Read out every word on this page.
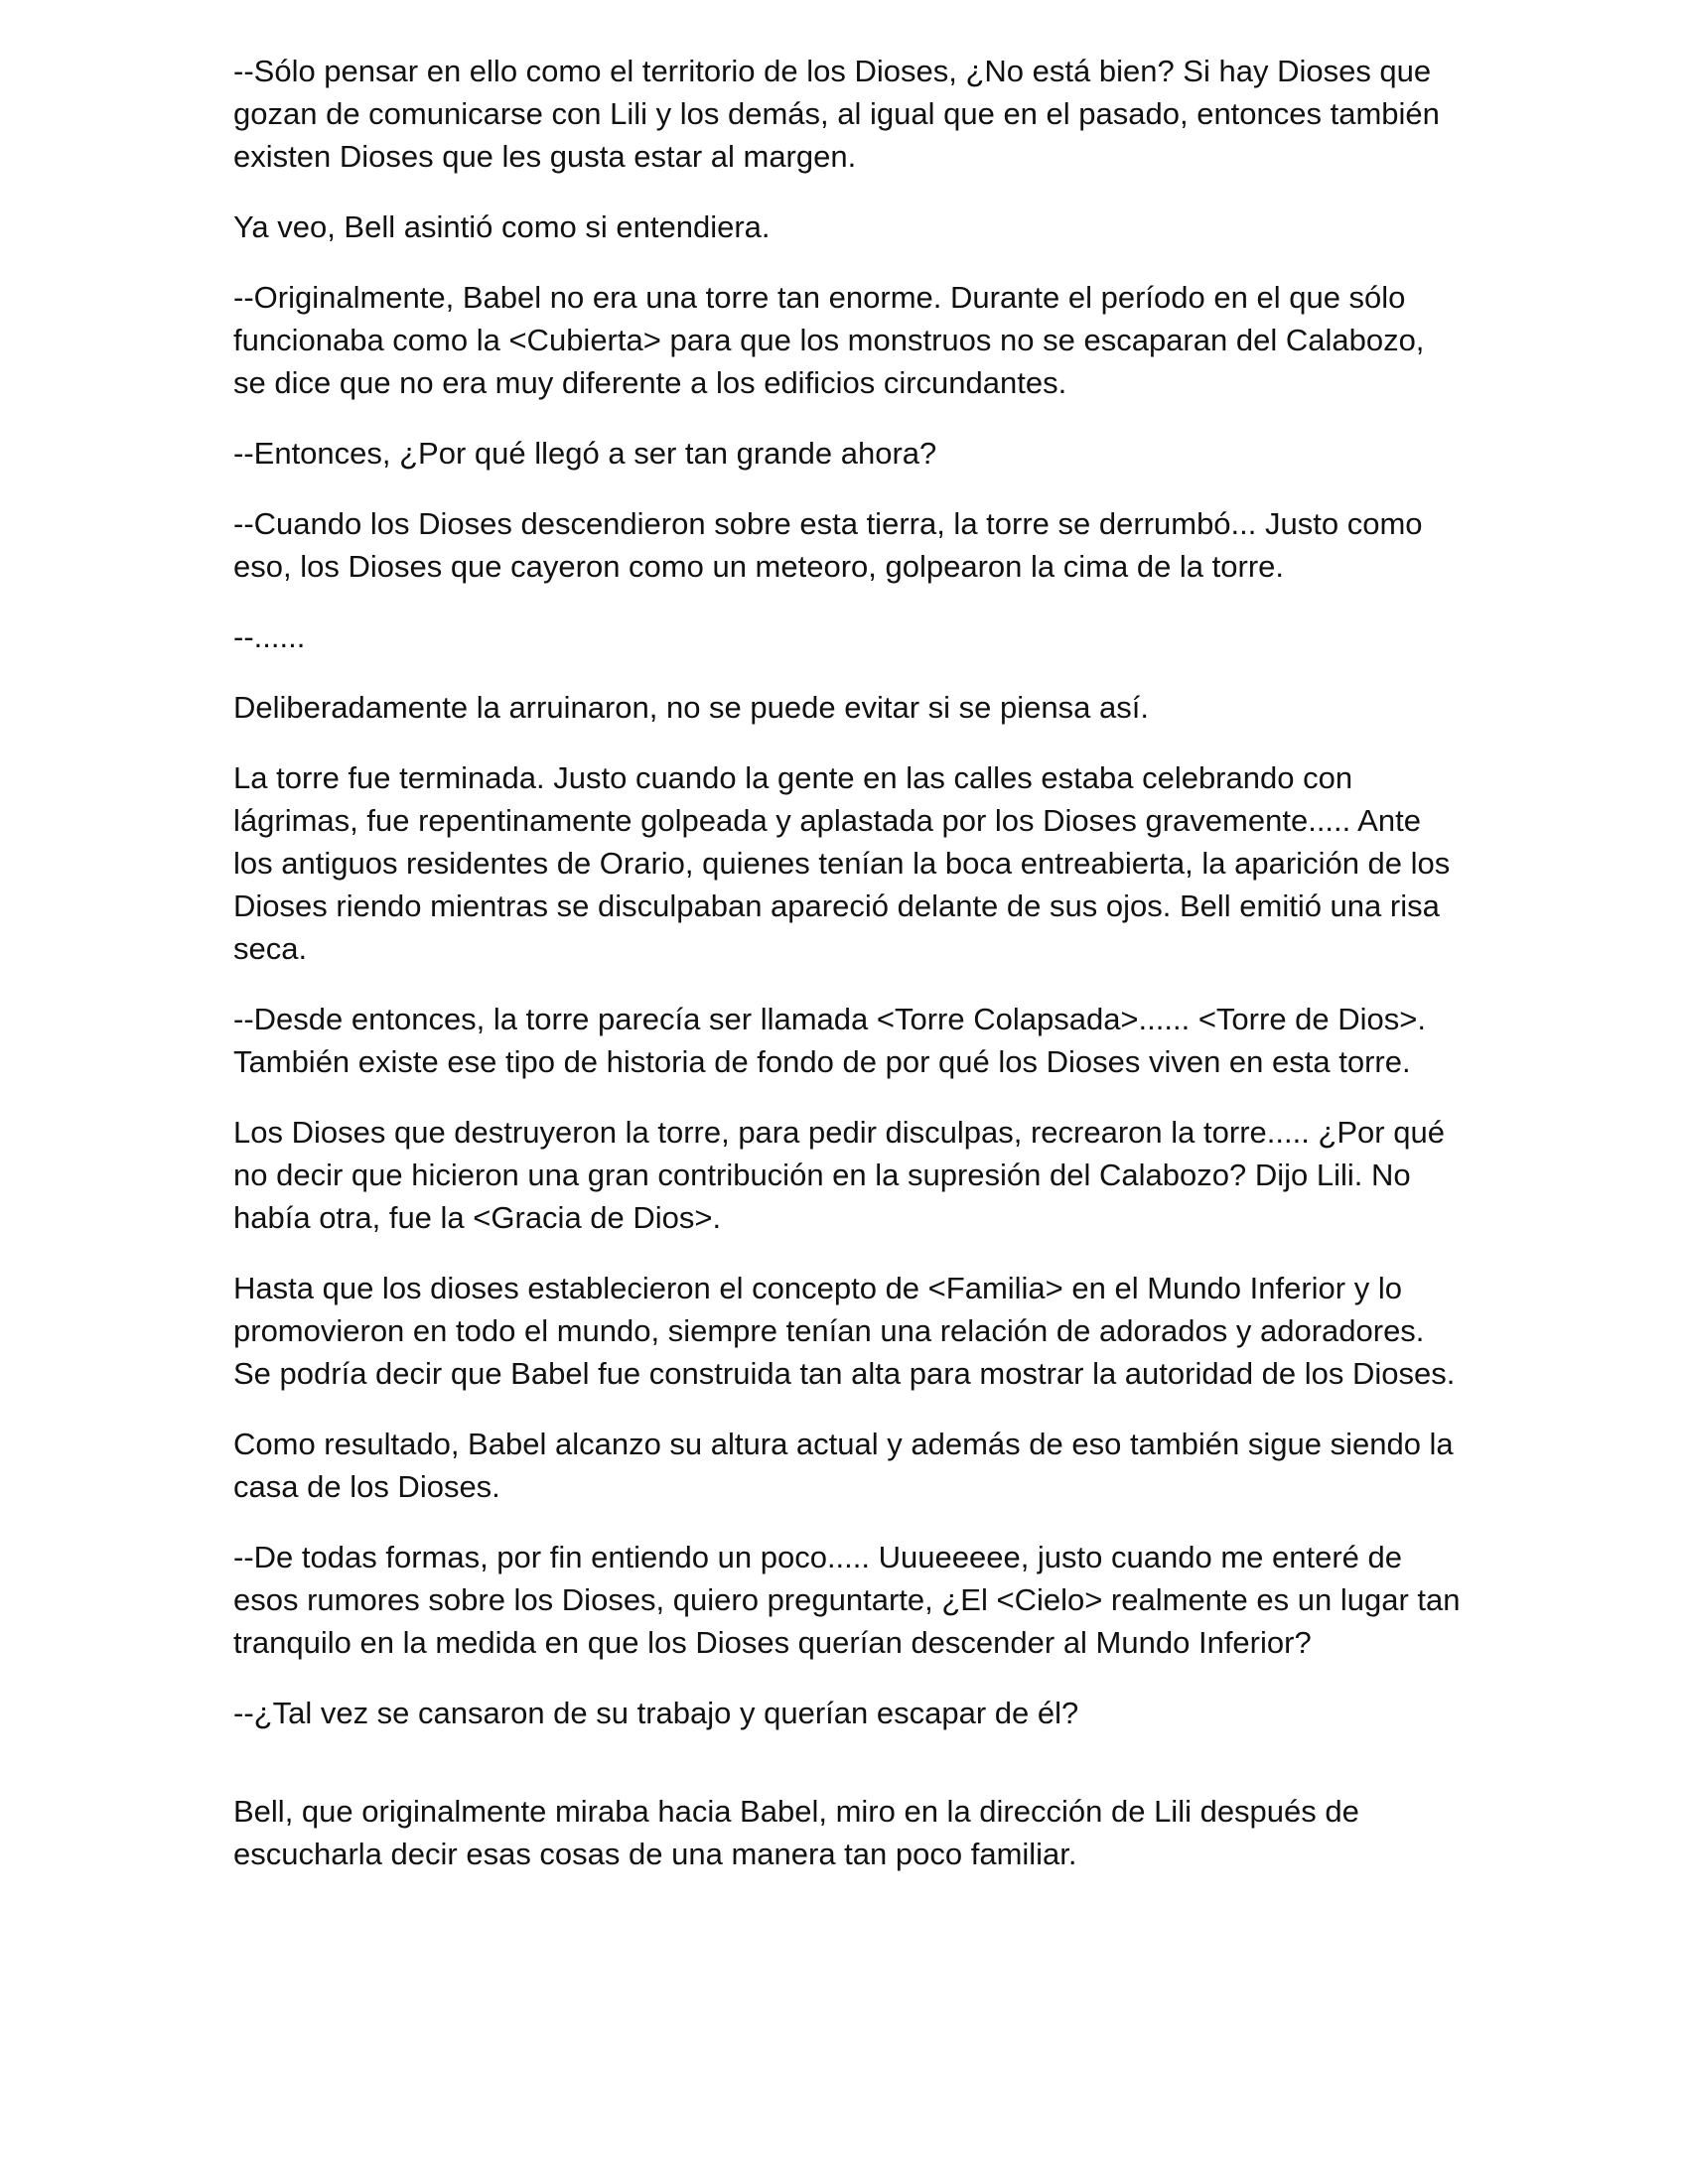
--Sólo pensar en ello como el territorio de los Dioses, ¿No está bien? Si hay Dioses que gozan de comunicarse con Lili y los demás, al igual que en el pasado, entonces también existen Dioses que les gusta estar al margen.

Ya veo, Bell asintió como si entendiera.

--Originalmente, Babel no era una torre tan enorme. Durante el período en el que sólo funcionaba como la <Cubierta> para que los monstruos no se escaparan del Calabozo, se dice que no era muy diferente a los edificios circundantes.

--Entonces, ¿Por qué llegó a ser tan grande ahora?

--Cuando los Dioses descendieron sobre esta tierra, la torre se derrumbó... Justo como eso, los Dioses que cayeron como un meteoro, golpearon la cima de la torre.

--......

Deliberadamente la arruinaron, no se puede evitar si se piensa así.

La torre fue terminada. Justo cuando la gente en las calles estaba celebrando con lágrimas, fue repentinamente golpeada y aplastada por los Dioses gravemente..... Ante los antiguos residentes de Orario, quienes tenían la boca entreabierta, la aparición de los Dioses riendo mientras se disculpaban apareció delante de sus ojos. Bell emitió una risa seca.

--Desde entonces, la torre parecía ser llamada <Torre Colapsada>...... <Torre de Dios>. También existe ese tipo de historia de fondo de por qué los Dioses viven en esta torre.

Los Dioses que destruyeron la torre, para pedir disculpas, recrearon la torre..... ¿Por qué no decir que hicieron una gran contribución en la supresión del Calabozo? Dijo Lili. No había otra, fue la <Gracia de Dios>.

Hasta que los dioses establecieron el concepto de <Familia> en el Mundo Inferior y lo promovieron en todo el mundo, siempre tenían una relación de adorados y adoradores. Se podría decir que Babel fue construida tan alta para mostrar la autoridad de los Dioses.

Como resultado, Babel alcanzo su altura actual y además de eso también sigue siendo la casa de los Dioses.

--De todas formas, por fin entiendo un poco..... Uuueeeee, justo cuando me enteré de esos rumores sobre los Dioses, quiero preguntarte, ¿El <Cielo> realmente es un lugar tan tranquilo en la medida en que los Dioses querían descender al Mundo Inferior?

--¿Tal vez se cansaron de su trabajo y querían escapar de él?

Bell, que originalmente miraba hacia Babel, miro en la dirección de Lili después de escucharla decir esas cosas de una manera tan poco familiar.
